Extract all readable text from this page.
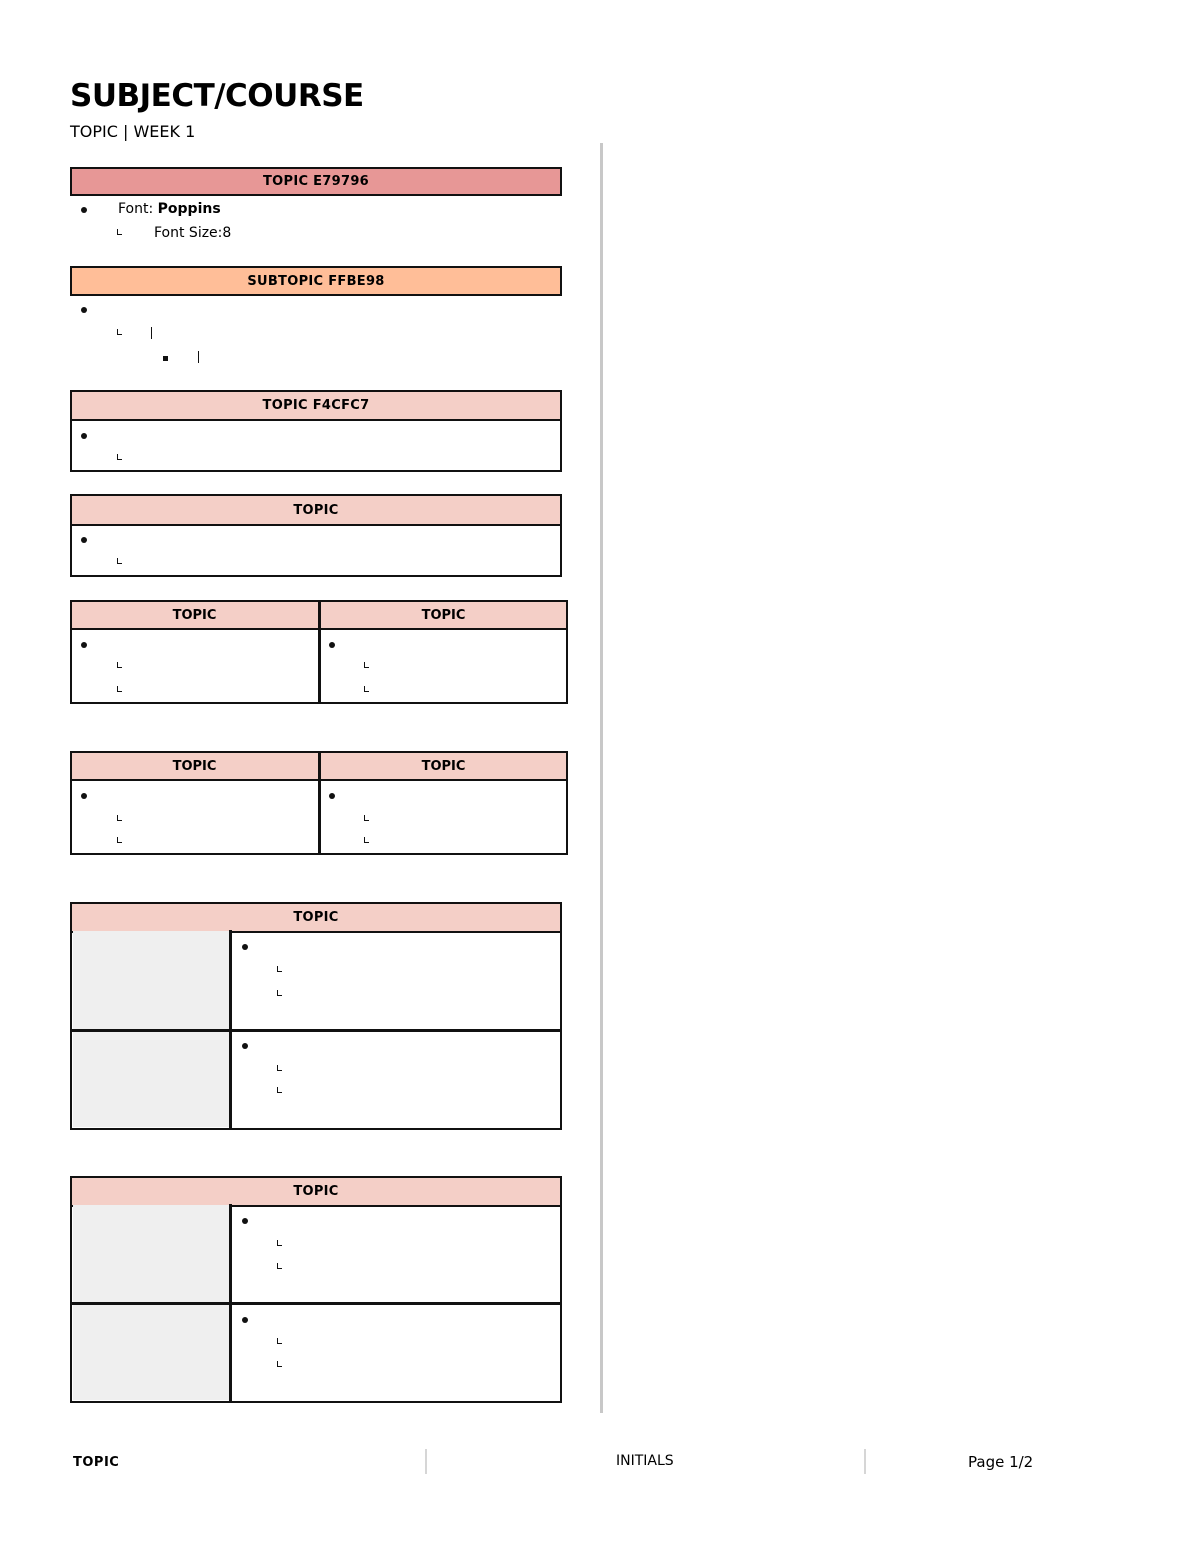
SUBJECT/COURSE
TOPIC | WEEK 1
TOPIC E79796
Font: Poppins
Font Size:8
SUBTOPIC FFBE98
TOPIC F4CFC7
TOPIC
TOPIC	TOPIC
TOPIC	TOPIC
TOPIC
TOPIC
TOPIC	INITIALS	Page 1/2
